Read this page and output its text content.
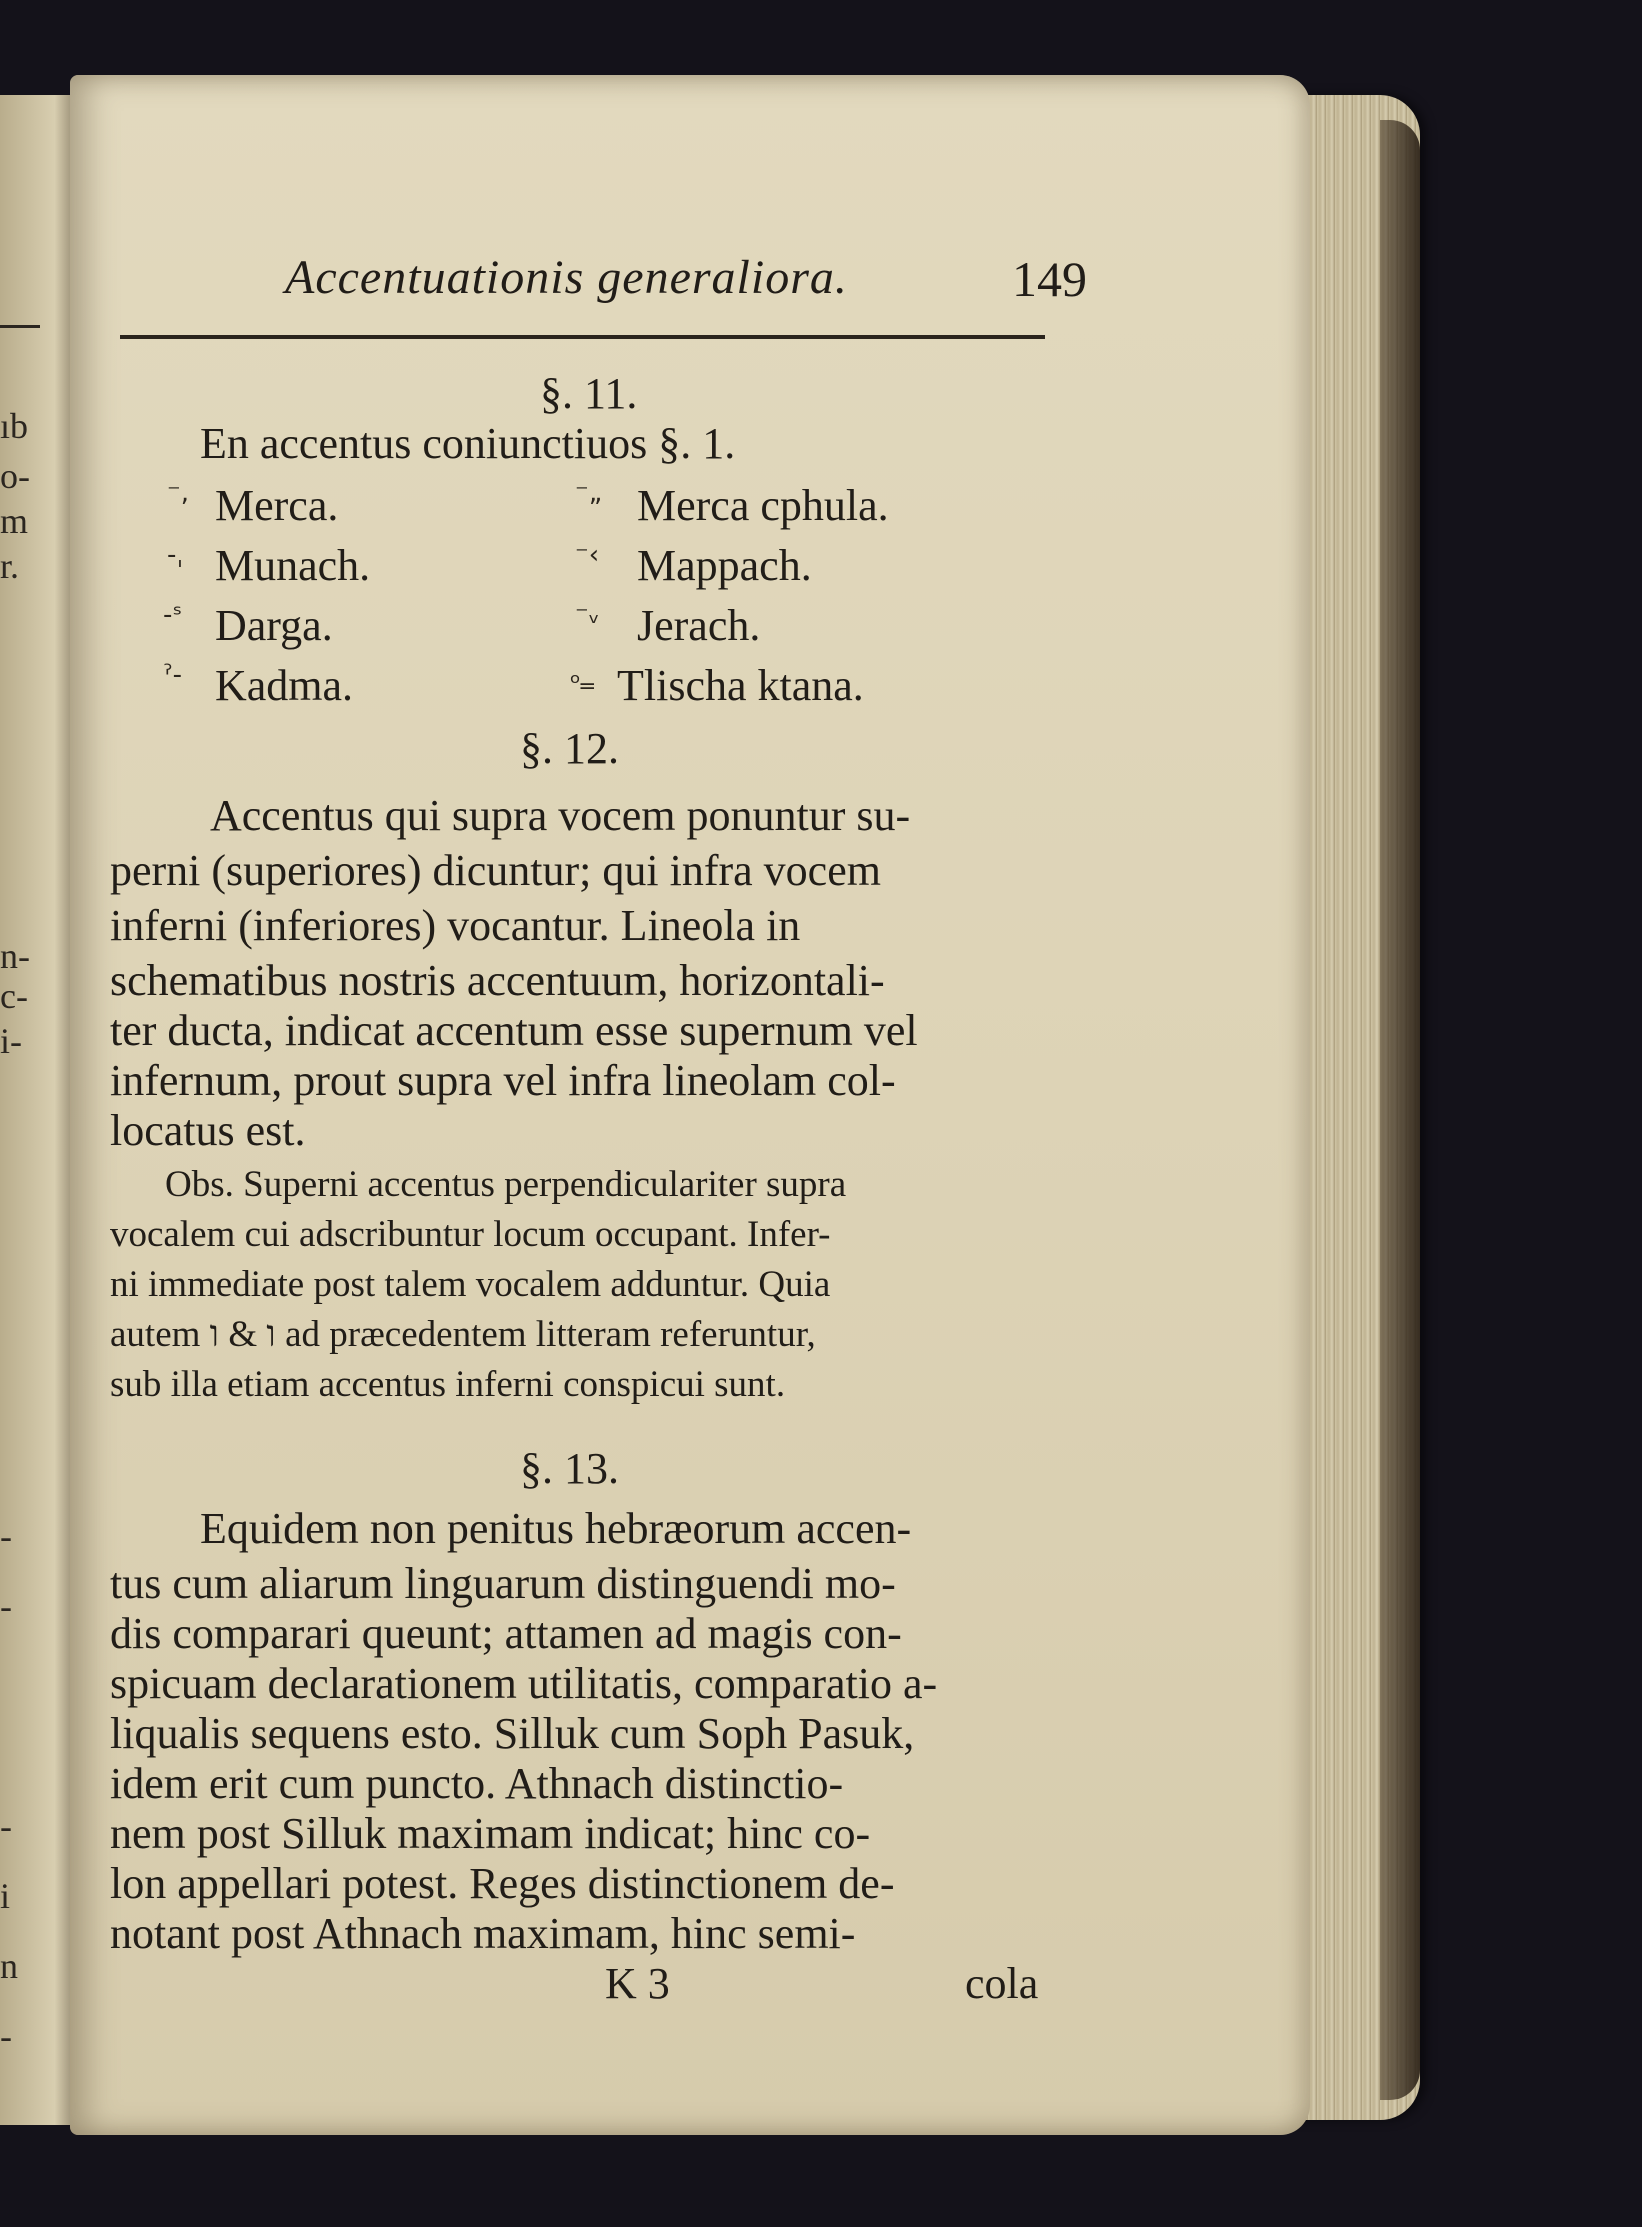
ıb
o-
m
r.
n-
c-
i-
-
-
-
i
n
-
Accentuationis generaliora.	149
§. 11.
En accentus coniunctiuos §. 1.
⁻, Merca.
-ˌ Munach.
-ˢ Darga.
ˀ- Kadma.
⁻„ Merca cphula.
⁻‹ Mappach.
⁻ᵥ Jerach.
ₒ‗ Tlischa ktana.
§. 12.
Accentus qui supra vocem ponuntur su-
perni (superiores) dicuntur; qui infra vocem
inferni (inferiores) vocantur. Lineola in
schematibus nostris accentuum, horizontali-
ter ducta, indicat accentum esse supernum vel
infernum, prout supra vel infra lineolam col-
locatus est.
Obs. Superni accentus perpendiculariter supra
vocalem cui adscribuntur locum occupant. Infer-
ni immediate post talem vocalem adduntur. Quia
autem ו & ו ad præcedentem litteram referuntur,
sub illa etiam accentus inferni conspicui sunt.
§. 13.
Equidem non penitus hebræorum accen-
tus cum aliarum linguarum distinguendi mo-
dis comparari queunt; attamen ad magis con-
spicuam declarationem utilitatis, comparatio a-
liqualis sequens esto. Silluk cum Soph Pasuk,
idem erit cum puncto. Athnach distinctio-
nem post Silluk maximam indicat; hinc co-
lon appellari potest. Reges distinctionem de-
notant post Athnach maximam, hinc semi-
K 3	cola
